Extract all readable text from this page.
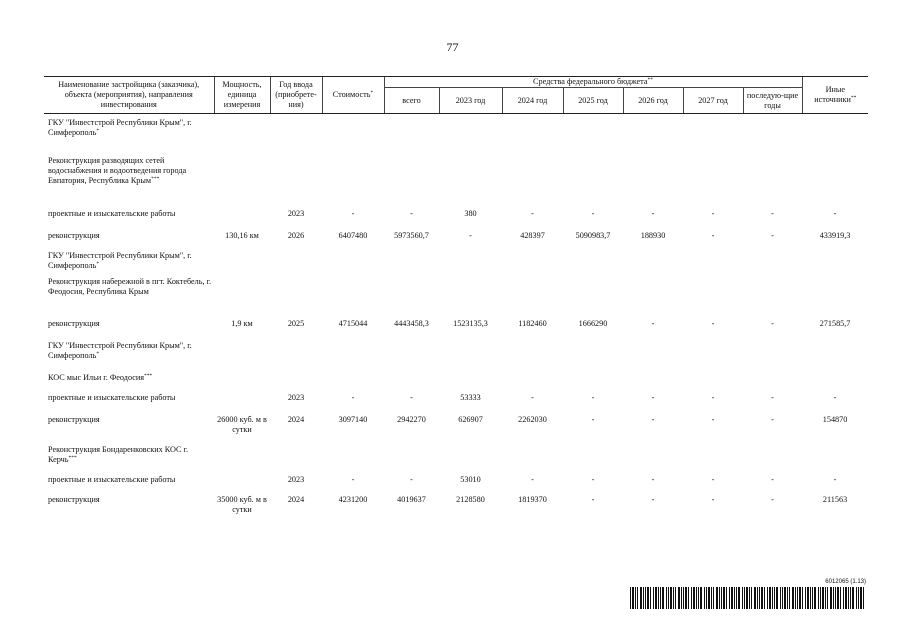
77
Наименование застройщика (заказчика), объекта (мероприятия), направления инвестирования	Мощность, единица измерения	Год ввода (приобрете-ния)	Стоимость*	Средства федерального бюджета**							Иные источники**
				всего	2023 год	2024 год	2025 год	2026 год	2027 год	последую-щие годы	
ГКУ "Инвестстрой Республики Крым", г. Симферополь*	
Реконструкция разводящих сетей водоснабжения и водоотведения города Евпатория, Республика Крым***	
проектные и изыскательские работы		2023	-	-	380	-	-	-	-	-	-
реконструкция	130,16 км	2026	6407480	5973560,7	-	428397	5090983,7	188930	-	-	433919,3
ГКУ "Инвестстрой Республики Крым", г. Симферополь*	
Реконструкция набережной в пгт. Коктебель, г. Феодосия, Республика Крым											
реконструкция	1,9 км	2025	4715044	4443458,3	1523135,3	1182460	1666290	-	-	-	271585,7
ГКУ "Инвестстрой Республики Крым", г. Симферополь*	
КОС мыс Ильи г. Феодосия***	
проектные и изыскательские работы		2023	-	-	53333	-	-	-	-	-	-
реконструкция	26000 куб. м в сутки	2024	3097140	2942270	626907	2262030	-	-	-	-	154870
Реконструкция Бондаренковских КОС г. Керчь***	
проектные и изыскательские работы		2023	-	-	53010	-	-	-	-	-	-
реконструкция	35000 куб. м в сутки	2024	4231200	4019637	2128580	1819370	-	-	-	-	211563
6012065 (1.13)
